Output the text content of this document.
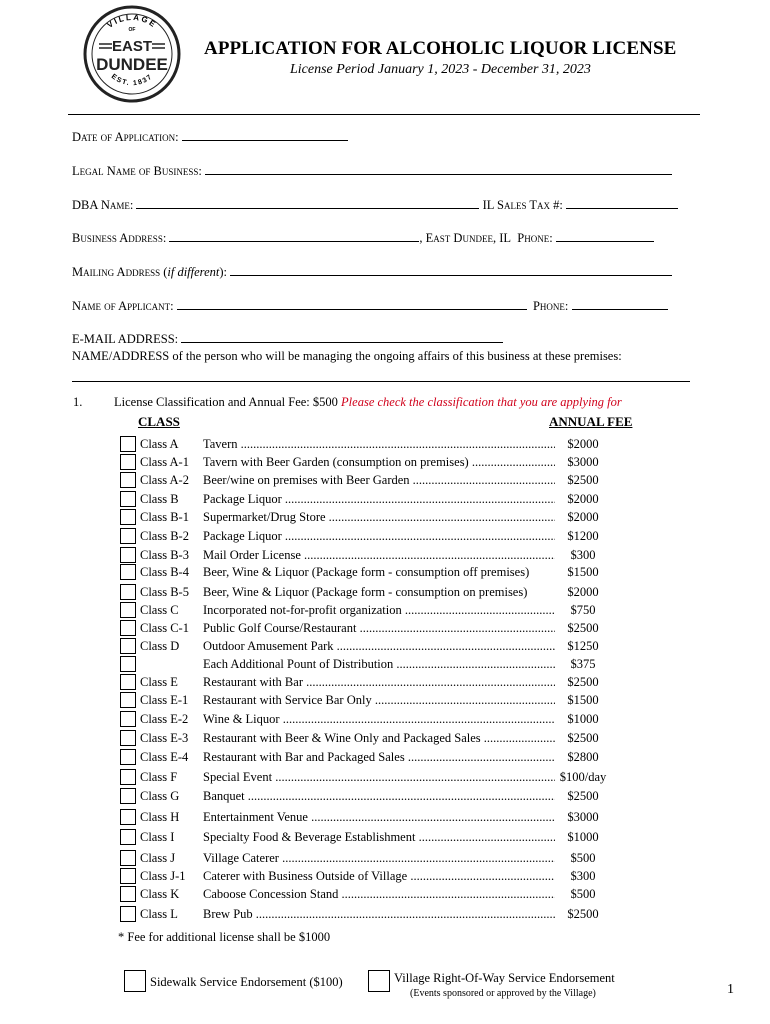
VILLAGE
OF
EAST
DUNDEE
EST. 1837
APPLICATION FOR ALCOHOLIC LIQUOR LICENSE
License Period January 1, 2023 - December 31, 2023
Date of Application:
Legal Name of Business:
DBA Name:	IL Sales Tax #:
Business Address:	, East Dundee, IL Phone:
Mailing Address (if different):
Name of Applicant:	Phone:
E-MAIL ADDRESS:
NAME/ADDRESS of the person who will be managing the ongoing affairs of this business at these premises:
1.	License Classification and Annual Fee: $500 Please check the classification that you are applying for
CLASS	ANNUAL FEE
Class A Tavern .....	$2000
Class A-1 Tavern with Beer Garden (consumption on premises) .....	$3000
Class A-2 Beer/wine on premises with Beer Garden .....	$2500
Class B Package Liquor .....	$2000
Class B-1 Supermarket/Drug Store .....	$2000
Class B-2 Package Liquor .....	$1200
Class B-3 Mail Order License .....	$300
Class B-4 Beer, Wine & Liquor (Package form - consumption off premises)	$1500
Class B-5 Beer, Wine & Liquor (Package form - consumption on premises)	$2000
Class C Incorporated not-for-profit organization .....	$750
Class C-1 Public Golf Course/Restaurant .....	$2500
Class D Outdoor Amusement Park .....	$1250
Each Additional Pount of Distribution .....	$375
Class E Restaurant with Bar .....	$2500
Class E-1 Restaurant with Service Bar Only .....	$1500
Class E-2 Wine & Liquor .....	$1000
Class E-3 Restaurant with Beer & Wine Only and Packaged Sales .....	$2500
Class E-4 Restaurant with Bar and Packaged Sales .....	$2800
Class F Special Event .....	$100/day
Class G Banquet .....	$2500
Class H Entertainment Venue .....	$3000
Class I Specialty Food & Beverage Establishment .....	$1000
Class J Village Caterer .....	$500
Class J-1 Caterer with Business Outside of Village .....	$300
Class K Caboose Concession Stand .....	$500
Class L Brew Pub .....	$2500
* Fee for additional license shall be $1000
Sidewalk Service Endorsement ($100)	Village Right-Of-Way Service Endorsement
(Events sponsored or approved by the Village)	1
